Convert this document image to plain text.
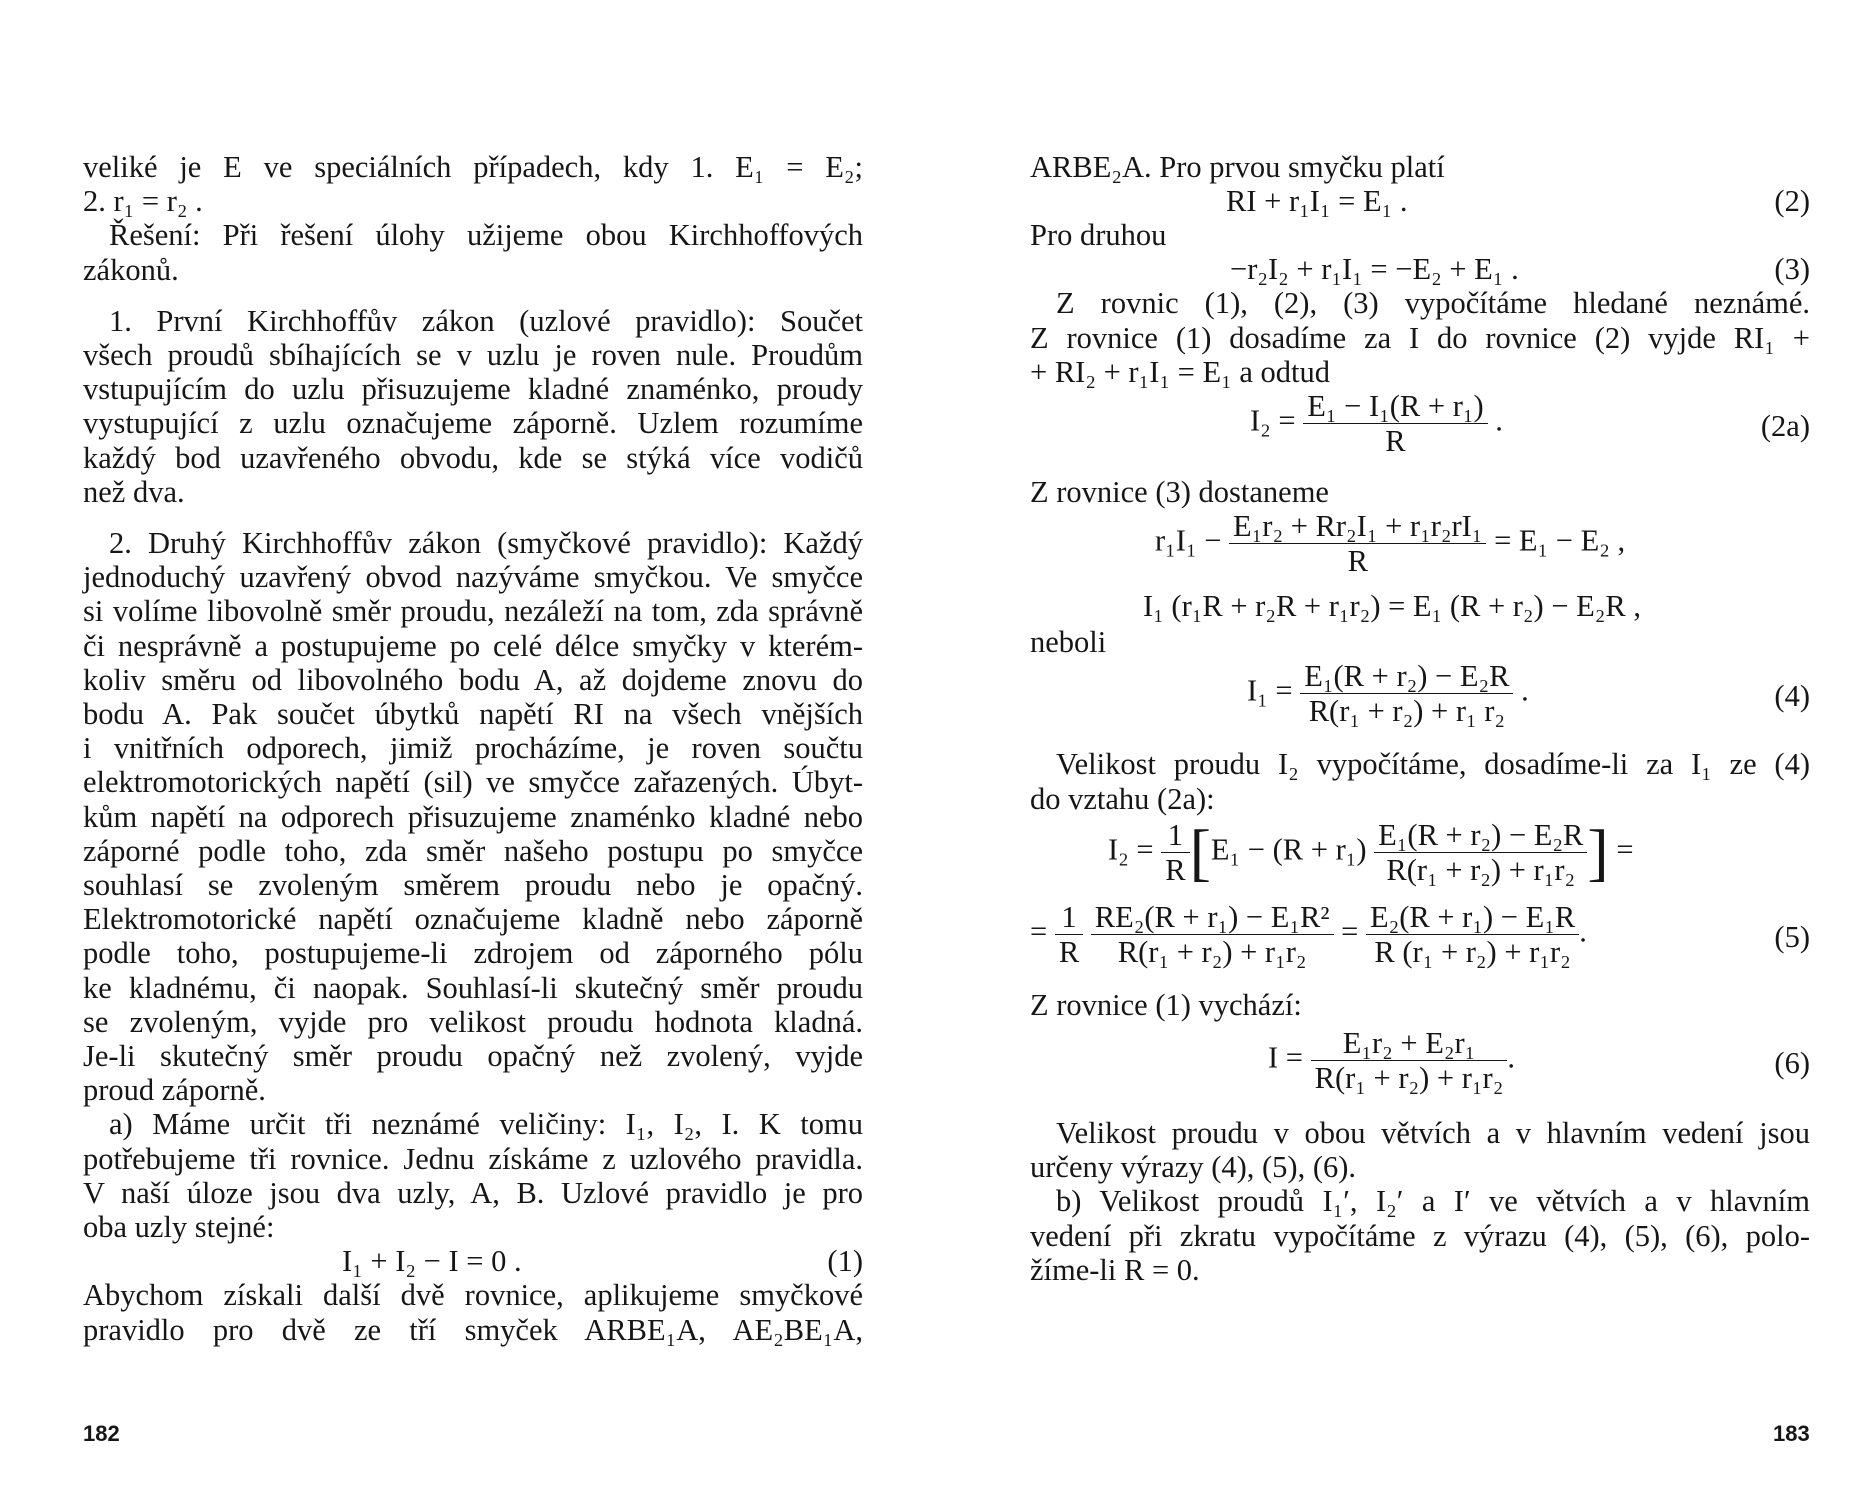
veliké je E ve speciálních případech, kdy 1. E₁ = E₂;
2. r₁ = r₂ .
Řešení: Při řešení úlohy užijeme obou Kirchhoffových
zákonů.
1. První Kirchhoffův zákon (uzlové pravidlo): Součet
všech proudů sbíhajících se v uzlu je roven nule. Proudům
vstupujícím do uzlu přisuzujeme kladné znaménko, proudy
vystupující z uzlu označujeme záporně. Uzlem rozumíme
každý bod uzavřeného obvodu, kde se stýká více vodičů
než dva.
2. Druhý Kirchhoffův zákon (smyčkové pravidlo): Každý
jednoduchý uzavřený obvod nazýváme smyčkou. Ve smyčce
si volíme libovolně směr proudu, nezáleží na tom, zda správně
či nesprávně a postupujeme po celé délce smyčky v kterém-
koliv směru od libovolného bodu A, až dojdeme znovu do
bodu A. Pak součet úbytků napětí RI na všech vnějších
i vnitřních odporech, jimiž procházíme, je roven součtu
elektromotorických napětí (sil) ve smyčce zařazených. Úbyt-
kům napětí na odporech přisuzujeme znaménko kladné nebo
záporné podle toho, zda směr našeho postupu po smyčce
souhlasí se zvoleným směrem proudu nebo je opačný.
Elektromotorické napětí označujeme kladně nebo záporně
podle toho, postupujeme-li zdrojem od záporného pólu
ke kladnému, či naopak. Souhlasí-li skutečný směr proudu
se zvoleným, vyjde pro velikost proudu hodnota kladná.
Je-li skutečný směr proudu opačný než zvolený, vyjde
proud záporně.
a) Máme určit tři neznámé veličiny: I₁, I₂, I. K tomu
potřebujeme tři rovnice. Jednu získáme z uzlového pravidla.
V naší úloze jsou dva uzly, A, B. Uzlové pravidlo je pro
oba uzly stejné:
I₁ + I₂ − I = 0 .	(1)
Abychom získali další dvě rovnice, aplikujeme smyčkové
pravidlo pro dvě ze tří smyček ARBE₁A, AE₂BE₁A,
182
ARBE₂A. Pro prvou smyčku platí
RI + r₁I₁ = E₁ .	(2)
Pro druhou
−r₂I₂ + r₁I₁ = −E₂ + E₁ .	(3)
Z rovnic (1), (2), (3) vypočítáme hledané neznámé.
Z rovnice (1) dosadíme za I do rovnice (2) vyjde RI₁ +
+ RI₂ + r₁I₁ = E₁ a odtud
$I_2 = \frac{\text{E₁ − I₁(R + r₁)}}{R}$ .	(2a)
Z rovnice (3) dostaneme
$r_1I_1 - \frac{\text{E₁r₂ + Rr₂I₁ + r₁r₂rI₁}}{R} = E_1 - E_2$ ,
I₁ (r₁R + r₂R + r₁r₂) = E₁ (R + r₂) − E₂R ,
neboli
$I_1 = \frac{\text{E₁(R + r₂) − E₂R}}{\text{R(r₁ + r₂) + r₁ r₂}}$ .	(4)
Velikost proudu I₂ vypočítáme, dosadíme-li za I₁ ze (4)
do vztahu (2a):
$I_2 = \frac{1}{R} [E_1 - (R + r_1) \frac{\text{E₁(R + r₂) − E₂R}}{\text{R(r₁ + r₂) + r₁r₂}}$ ] =
= $\frac{1}{R}$
$\frac{\text{RE₂(R + r₁) − E₁R²}}{\text{R(r₁ + r₂) + r₁r₂}} = \frac{\text{E₂(R + r₁) − E₁R}}{\text{R (r₁ + r₂) + r₁r₂}}$ .	(5)
Z rovnice (1) vychází:
$I = \frac{\text{E₁r₂ + E₂r₁}}{\text{R(r₁ + r₂) + r₁r₂}}$ .	(6)
Velikost proudu v obou větvích a v hlavním vedení jsou
určeny výrazy (4), (5), (6).
b) Velikost proudů I₁′, I₂′ a I′ ve větvích a v hlavním
vedení při zkratu vypočítáme z výrazu (4), (5), (6), polo-
žíme-li R = 0.
183
